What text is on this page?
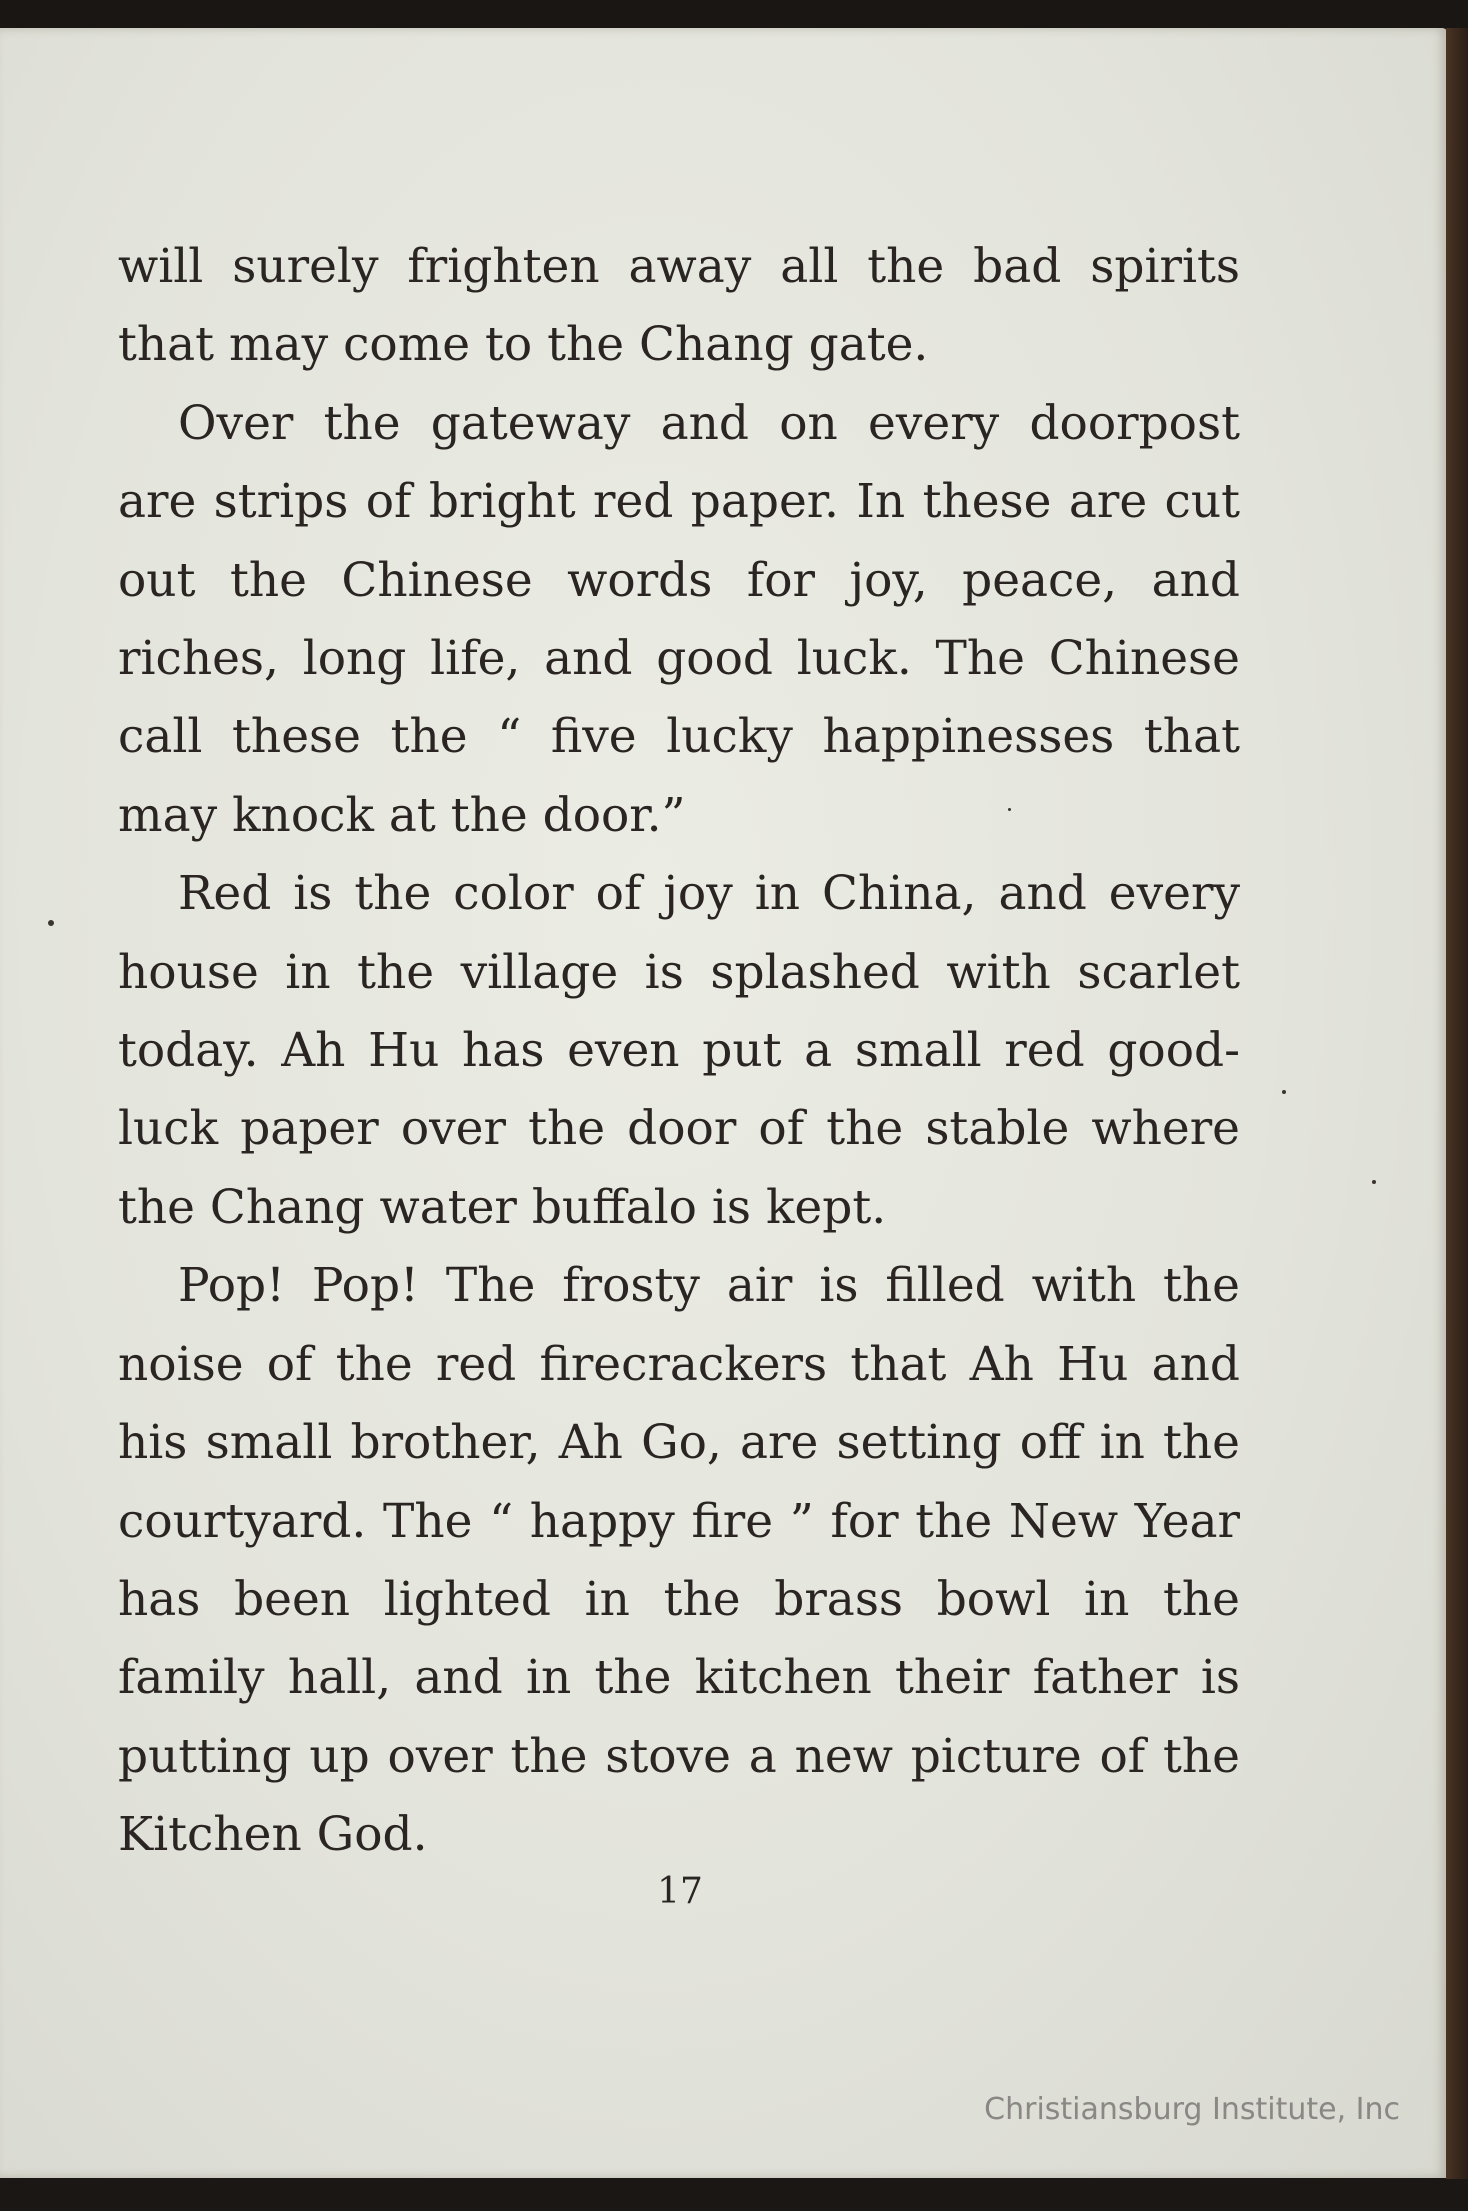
will surely frighten away all the bad spirits that may come to the Chang gate.

Over the gateway and on every doorpost are strips of bright red paper. In these are cut out the Chinese words for joy, peace, and riches, long life, and good luck. The Chinese call these the “ five lucky happinesses that may knock at the door.”

Red is the color of joy in China, and every house in the village is splashed with scarlet today. Ah Hu has even put a small red good-luck paper over the door of the stable where the Chang water buffalo is kept.

Pop! Pop! The frosty air is filled with the noise of the red firecrackers that Ah Hu and his small brother, Ah Go, are setting off in the courtyard. The “ happy fire ” for the New Year has been lighted in the brass bowl in the family hall, and in the kitchen their father is putting up over the stove a new picture of the Kitchen God.

17
Christiansburg Institute, Inc
